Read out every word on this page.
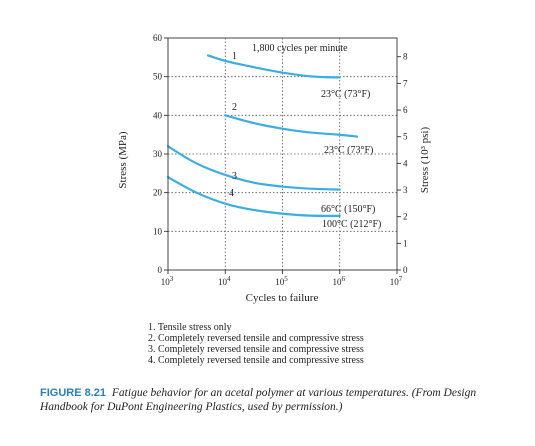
0
10
20
30
40
50
60
0
1
2
3
4
5
6
7
8
$10^3$	$10^4$	$10^5$	$10^6$	$10^7$
1
23°C (73°F)
2
23°C (73°F)
3
66°C (150°F)
4
100°C (212°F)
1,800 cycles per minute
Cycles to failure
Stress (MPa)	Stress (10³ psi)
1. Tensile stress only
2. Completely reversed tensile and compressive stress
3. Completely reversed tensile and compressive stress
4. Completely reversed tensile and compressive stress
FIGURE 8.21 Fatigue behavior for an acetal polymer at various temperatures. (From Design Handbook for DuPont Engineering Plastics, used by permission.)
